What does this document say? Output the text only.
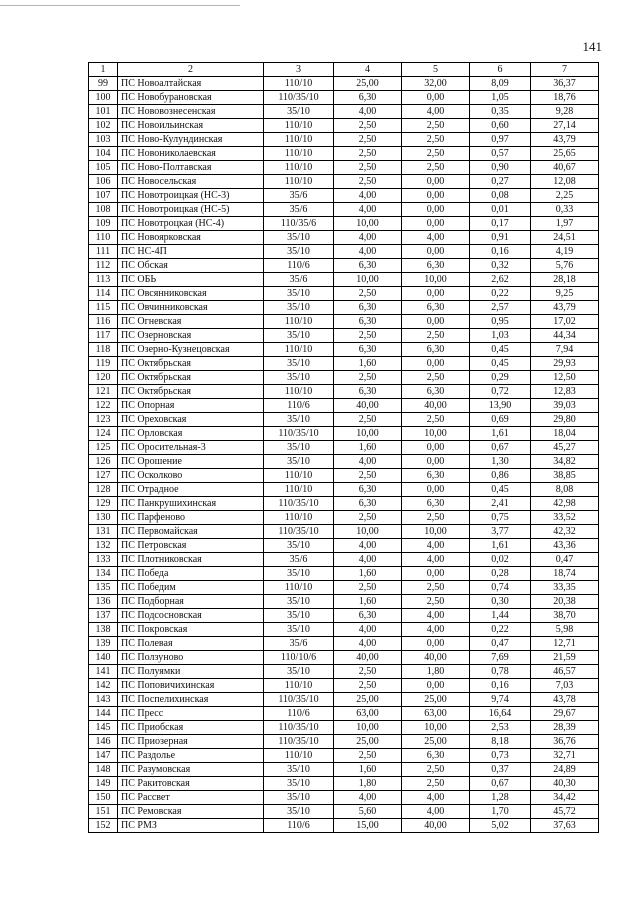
141
1	2	3	4	5	6	7
99	ПС Новоалтайская	110/10	25,00	32,00	8,09	36,37
100	ПС Новобурановская	110/35/10	6,30	0,00	1,05	18,76
101	ПС Нововознесенская	35/10	4,00	4,00	0,35	9,28
102	ПС Новоильинская	110/10	2,50	2,50	0,60	27,14
103	ПС Ново-Кулундинская	110/10	2,50	2,50	0,97	43,79
104	ПС Новониколаевская	110/10	2,50	2,50	0,57	25,65
105	ПС Ново-Полтавская	110/10	2,50	2,50	0,90	40,67
106	ПС Новосельская	110/10	2,50	0,00	0,27	12,08
107	ПС Новотроицкая (НС-3)	35/6	4,00	0,00	0,08	2,25
108	ПС Новотроицкая (НС-5)	35/6	4,00	0,00	0,01	0,33
109	ПС Новотроцкая (НС-4)	110/35/6	10,00	0,00	0,17	1,97
110	ПС Новоярковская	35/10	4,00	4,00	0,91	24,51
111	ПС НС-4П	35/10	4,00	0,00	0,16	4,19
112	ПС Обская	110/6	6,30	6,30	0,32	5,76
113	ПС ОБЬ	35/6	10,00	10,00	2,62	28,18
114	ПС Овсянниковская	35/10	2,50	0,00	0,22	9,25
115	ПС Овчинниковская	35/10	6,30	6,30	2,57	43,79
116	ПС Огневская	110/10	6,30	0,00	0,95	17,02
117	ПС Озерновская	35/10	2,50	2,50	1,03	44,34
118	ПС Озерно-Кузнецовская	110/10	6,30	6,30	0,45	7,94
119	ПС Октябрьская	35/10	1,60	0,00	0,45	29,93
120	ПС Октябрьская	35/10	2,50	2,50	0,29	12,50
121	ПС Октябрьская	110/10	6,30	6,30	0,72	12,83
122	ПС Опорная	110/6	40,00	40,00	13,90	39,03
123	ПС Ореховская	35/10	2,50	2,50	0,69	29,80
124	ПС Орловская	110/35/10	10,00	10,00	1,61	18,04
125	ПС Оросительная-3	35/10	1,60	0,00	0,67	45,27
126	ПС Орошение	35/10	4,00	0,00	1,30	34,82
127	ПС Осколково	110/10	2,50	6,30	0,86	38,85
128	ПС Отрадное	110/10	6,30	0,00	0,45	8,08
129	ПС Панкрушихинская	110/35/10	6,30	6,30	2,41	42,98
130	ПС Парфеново	110/10	2,50	2,50	0,75	33,52
131	ПС Первомайская	110/35/10	10,00	10,00	3,77	42,32
132	ПС Петровская	35/10	4,00	4,00	1,61	43,36
133	ПС Плотниковская	35/6	4,00	4,00	0,02	0,47
134	ПС Победа	35/10	1,60	0,00	0,28	18,74
135	ПС Победим	110/10	2,50	2,50	0,74	33,35
136	ПС Подборная	35/10	1,60	2,50	0,30	20,38
137	ПС Подсосновская	35/10	6,30	4,00	1,44	38,70
138	ПС Покровская	35/10	4,00	4,00	0,22	5,98
139	ПС Полевая	35/6	4,00	0,00	0,47	12,71
140	ПС Ползуново	110/10/6	40,00	40,00	7,69	21,59
141	ПС Полуямки	35/10	2,50	1,80	0,78	46,57
142	ПС Поповичихинская	110/10	2,50	0,00	0,16	7,03
143	ПС Поспелихинская	110/35/10	25,00	25,00	9,74	43,78
144	ПС Пресс	110/6	63,00	63,00	16,64	29,67
145	ПС Приобская	110/35/10	10,00	10,00	2,53	28,39
146	ПС Приозерная	110/35/10	25,00	25,00	8,18	36,76
147	ПС Раздолье	110/10	2,50	6,30	0,73	32,71
148	ПС Разумовская	35/10	1,60	2,50	0,37	24,89
149	ПС Ракитовская	35/10	1,80	2,50	0,67	40,30
150	ПС Рассвет	35/10	4,00	4,00	1,28	34,42
151	ПС Ремовская	35/10	5,60	4,00	1,70	45,72
152	ПС РМЗ	110/6	15,00	40,00	5,02	37,63
